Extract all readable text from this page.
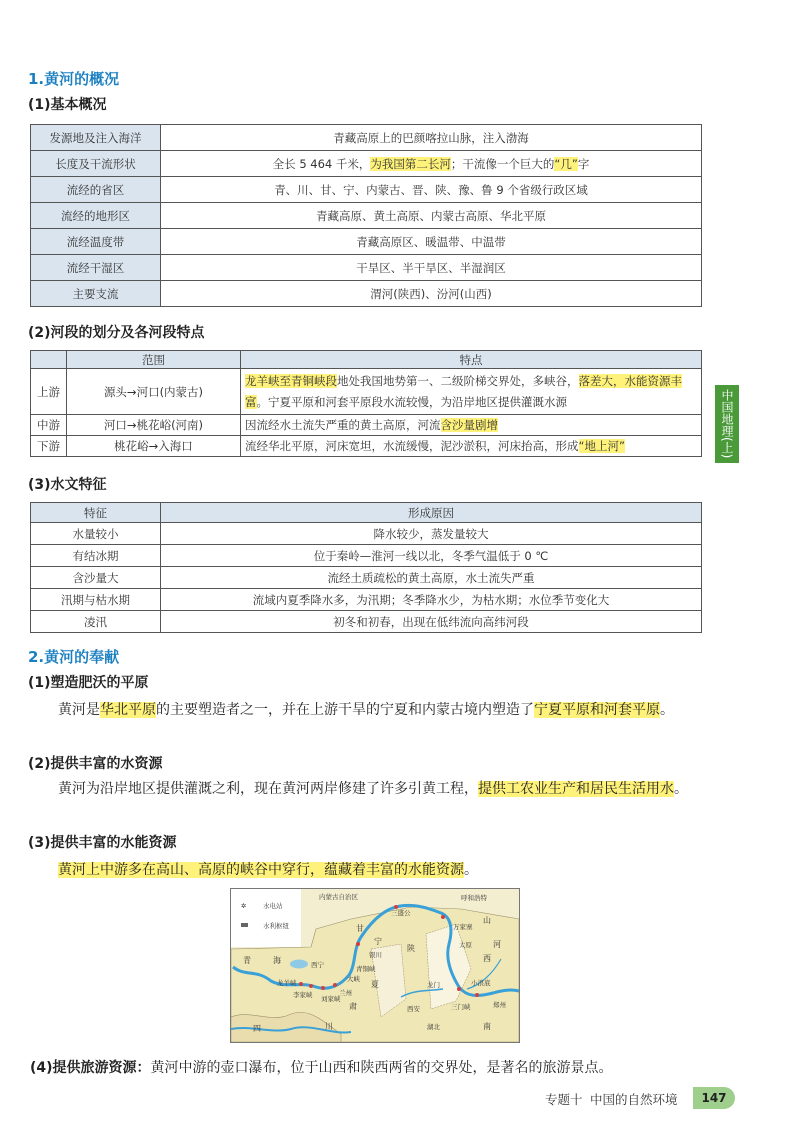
1.黄河的概况
(1)基本概况
发源地及注入海洋	青藏高原上的巴颜喀拉山脉，注入渤海
长度及干流形状	全长 5 464 千米，为我国第二长河；干流像一个巨大的“几”字
流经的省区	青、川、甘、宁、内蒙古、晋、陕、豫、鲁 9 个省级行政区域
流经的地形区	青藏高原、黄土高原、内蒙古高原、华北平原
流经温度带	青藏高原区、暖温带、中温带
流经干湿区	干旱区、半干旱区、半湿润区
主要支流	渭河(陕西)、汾河(山西)
(2)河段的划分及各河段特点
	范围	特点
上游	源头→河口(内蒙古)	龙羊峡至青铜峡段地处我国地势第一、二级阶梯交界处，多峡谷，落差大，水能资源丰富。宁夏平原和河套平原段水流较慢，为沿岸地区提供灌溉水源
中游	河口→桃花峪(河南)	因流经水土流失严重的黄土高原，河流含沙量剧增
下游	桃花峪→入海口	流经华北平原，河床宽坦，水流缓慢，泥沙淤积，河床抬高，形成“地上河”
(3)水文特征
特征	形成原因
水量较小	降水较少，蒸发量较大
有结冰期	位于秦岭—淮河一线以北，冬季气温低于 0 ℃
含沙量大	流经土质疏松的黄土高原，水土流失严重
汛期与枯水期	流域内夏季降水多，为汛期；冬季降水少，为枯水期；水位季节变化大
凌汛	初冬和初春，出现在低纬流向高纬河段
2.黄河的奉献
(1)塑造肥沃的平原
黄河是华北平原的主要塑造者之一，并在上游干旱的宁夏和内蒙古境内塑造了宁夏平原和河套平原。
(2)提供丰富的水资源
黄河为沿岸地区提供灌溉之利，现在黄河两岸修建了许多引黄工程，提供工农业生产和居民生活用水。
(3)提供丰富的水能资源
黄河上中游多在高山、高原的峡谷中穿行，蕴藏着丰富的水能资源。
✲	水电站
水利枢纽
内蒙古自治区	呼和浩特
三盛公
宁
甘
银川
青铜峡
夏
青	海	西宁
龙羊峡
李家峡 刘家峡
兰州
大峡
陕
万家寨
太原
山
西
小浪底
龙门
三门峡	郑州
西安
湖北
河
南
肃
四	川
(4)提供旅游资源：黄河中游的壶口瀑布，位于山西和陕西两省的交界处，是著名的旅游景点。
中国地理(上)
专题十 中国的自然环境	147
